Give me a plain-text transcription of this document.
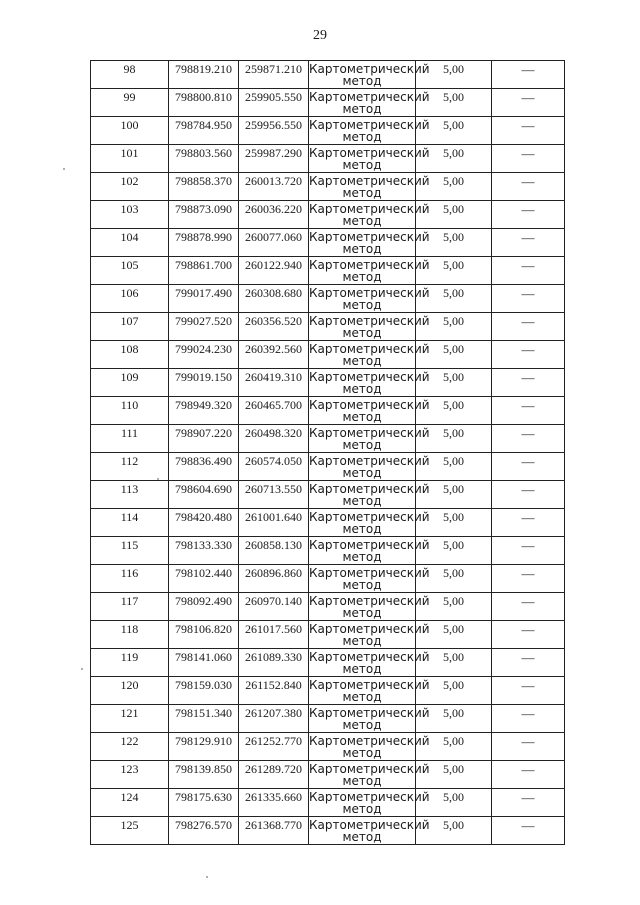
29
98	798819.210	259871.210	Картометрический метод	5,00	—

99	798800.810	259905.550	Картометрический метод	5,00	—

100	798784.950	259956.550	Картометрический метод	5,00	—

101	798803.560	259987.290	Картометрический метод	5,00	—

102	798858.370	260013.720	Картометрический метод	5,00	—

103	798873.090	260036.220	Картометрический метод	5,00	—

104	798878.990	260077.060	Картометрический метод	5,00	—

105	798861.700	260122.940	Картометрический метод	5,00	—

106	799017.490	260308.680	Картометрический метод	5,00	—

107	799027.520	260356.520	Картометрический метод	5,00	—

108	799024.230	260392.560	Картометрический метод	5,00	—

109	799019.150	260419.310	Картометрический метод	5,00	—

110	798949.320	260465.700	Картометрический метод	5,00	—

111	798907.220	260498.320	Картометрический метод	5,00	—

112	798836.490	260574.050	Картометрический метод	5,00	—

113	798604.690	260713.550	Картометрический метод	5,00	—

114	798420.480	261001.640	Картометрический метод	5,00	—

115	798133.330	260858.130	Картометрический метод	5,00	—

116	798102.440	260896.860	Картометрический метод	5,00	—

117	798092.490	260970.140	Картометрический метод	5,00	—

118	798106.820	261017.560	Картометрический метод	5,00	—

119	798141.060	261089.330	Картометрический метод	5,00	—

120	798159.030	261152.840	Картометрический метод	5,00	—

121	798151.340	261207.380	Картометрический метод	5,00	—

122	798129.910	261252.770	Картометрический метод	5,00	—

123	798139.850	261289.720	Картометрический метод	5,00	—

124	798175.630	261335.660	Картометрический метод	5,00	—

125	798276.570	261368.770	Картометрический метод	5,00	—
